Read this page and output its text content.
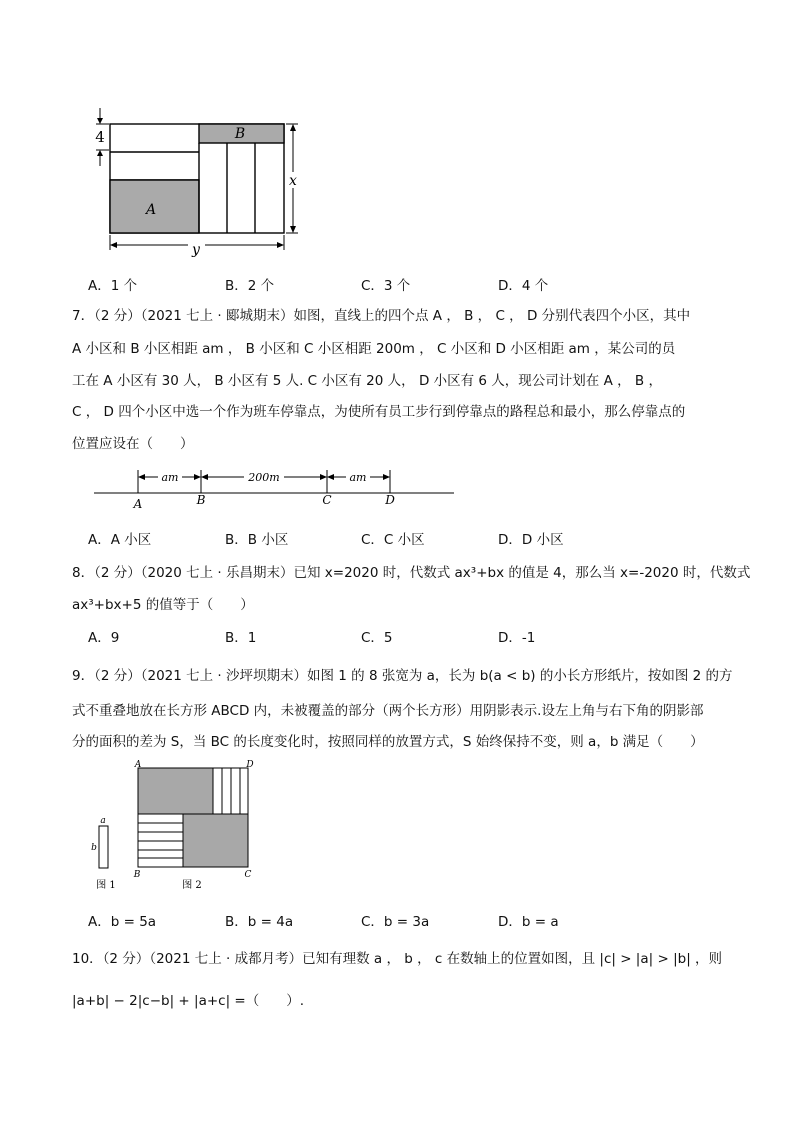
4	B
A
x
y
A．1 个	B．2 个	C．3 个	D．4 个
7．（2 分）（2021 七上 · 郾城期末）如图，直线上的四个点 A ， B ， C ， D 分别代表四个小区，其中
A 小区和 B 小区相距 am ， B 小区和 C 小区相距 200m ， C 小区和 D 小区相距 am ，某公司的员
工在 A 小区有 30 人， B 小区有 5 人. C 小区有 20 人， D 小区有 6 人，现公司计划在 A ， B ，
C ， D 四个小区中选一个作为班车停靠点，为使所有员工步行到停靠点的路程总和最小，那么停靠点的
位置应设在（　　）
am	200m	am
A	B	C	D
A．A 小区	B．B 小区	C．C 小区	D．D 小区
8．（2 分）（2020 七上 · 乐昌期末）已知 x=2020 时，代数式 ax³+bx 的值是 4，那么当 x=-2020 时，代数式
ax³+bx+5 的值等于（　　）
A．9	B．1	C．5	D．-1
9．（2 分）（2021 七上 · 沙坪坝期末）如图 1 的 8 张宽为 a，长为 b(a < b) 的小长方形纸片，按如图 2 的方
式不重叠地放在长方形 ABCD 内，未被覆盖的部分（两个长方形）用阴影表示.设左上角与右下角的阴影部
分的面积的差为 S，当 BC 的长度变化时，按照同样的放置方式，S 始终保持不变，则 a，b 满足（　　）
a
b
图 1
A	D
B	C
图 2
A．b = 5a	B．b = 4a	C．b = 3a	D．b = a
10．（2 分）（2021 七上 · 成都月考）已知有理数 a ， b ， c 在数轴上的位置如图，且 |c| > |a| > |b| ，则
|a+b| − 2|c−b| + |a+c| =（　　）.
